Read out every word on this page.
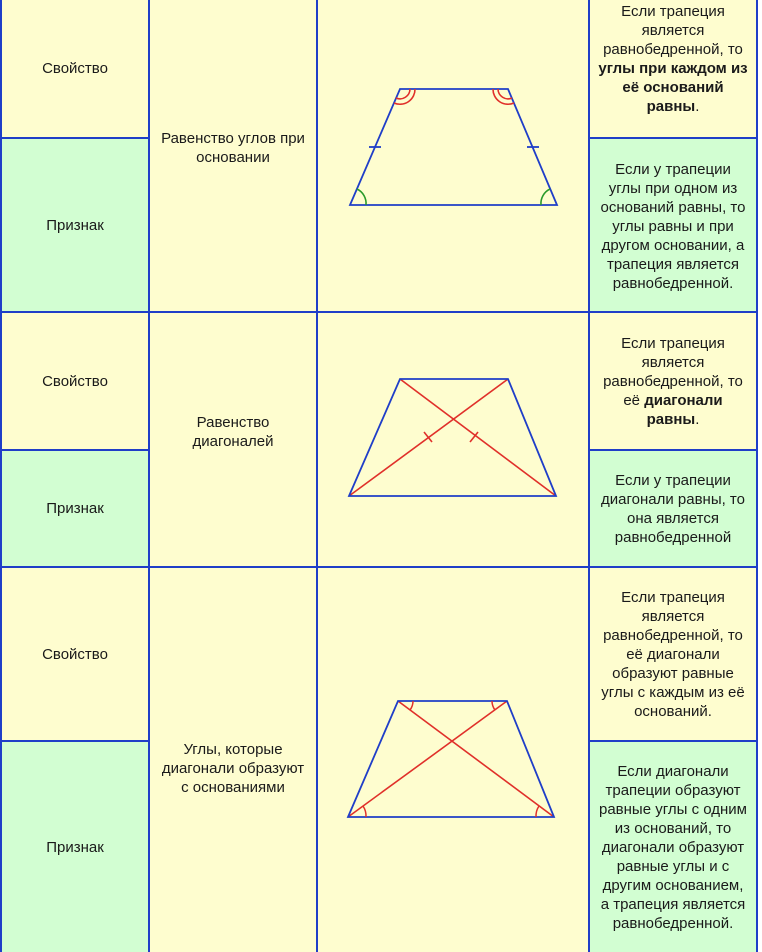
Свойство
Признак
Равенство углов при основании
Если трапеция является равнобедренной, то углы при каждом из её оснований равны.
Если у трапеции углы при одном из оснований равны, то углы равны и при другом основании, а трапеция является равнобедренной.
Свойство
Признак
Равенство диагоналей
Если трапеция является равнобедренной, то её диагонали равны.
Если у трапеции диагонали равны, то она является равнобедренной
Свойство
Признак
Углы, которые диагонали образуют с основаниями
Если трапеция является равнобедренной, то её диагонали образуют равные углы с каждым из её оснований.
Если диагонали трапеции образуют равные углы с одним из оснований, то диагонали образуют равные углы и с другим основанием, а трапеция является равнобедренной.
